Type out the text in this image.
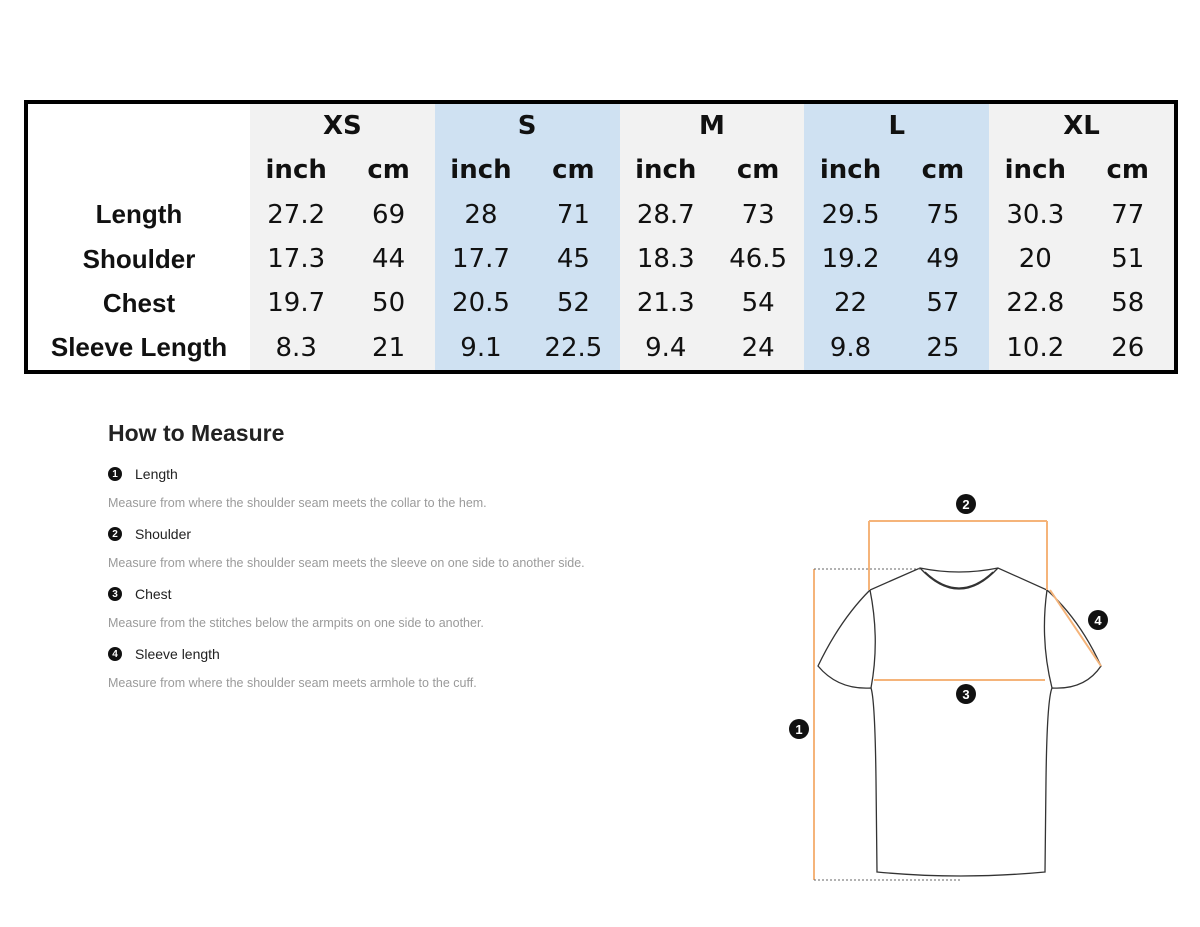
	XS		S		M		L		XL	
	inch	cm	inch	cm	inch	cm	inch	cm	inch	cm
Length	27.2	69	28	71	28.7	73	29.5	75	30.3	77
Shoulder	17.3	44	17.7	45	18.3	46.5	19.2	49	20	51
Chest	19.7	50	20.5	52	21.3	54	22	57	22.8	58
Sleeve Length	8.3	21	9.1	22.5	9.4	24	9.8	25	10.2	26
How to Measure
1	Length
Measure from where the shoulder seam meets the collar to the hem.
2	Shoulder
Measure from where the shoulder seam meets the sleeve on one side to another side.
3	Chest
Measure from the stitches below the armpits on one side to another.
4	Sleeve length
Measure from where the shoulder seam meets armhole to the cuff.
1
2
3
4
